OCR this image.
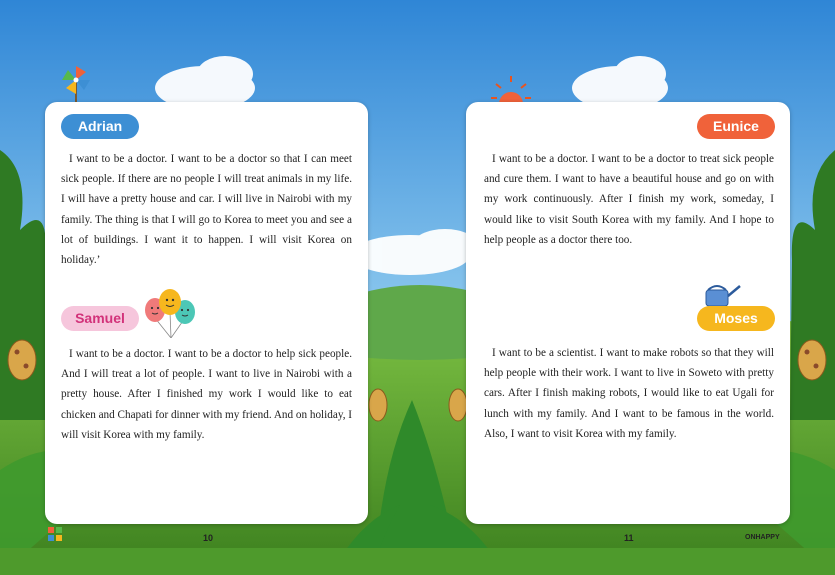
Adrian

I want to be a doctor. I want to be a doctor so that I can meet sick people. If there are no people I will treat animals in my life. I will have a pretty house and car. I will live in Nairobi with my family. The thing is that I will go to Korea to meet you and see a lot of buildings. I want it to happen. I will visit Korea on holiday.’

Samuel

I want to be a doctor. I want to be a doctor to help sick people. And I will treat a lot of people. I want to live in Nairobi with a pretty house. After I finished my work I would like to eat chicken and Chapati for dinner with my friend. And on holiday, I will visit Korea with my family.

Eunice

I want to be a doctor. I want to be a doctor to treat sick people and cure them. I want to have a beautiful house and go on with my work continuously. After I finish my work, someday, I would like to visit South Korea with my family. And I hope to help people as a doctor there too.

Moses

I want to be a scientist. I want to make robots so that they will help people with their work. I want to live in Soweto with pretty cars. After I finish making robots, I would like to eat Ugali for lunch with my family. And I want to be famous in the world. Also, I want to visit Korea with my family.

10	11	ONHAPPY
